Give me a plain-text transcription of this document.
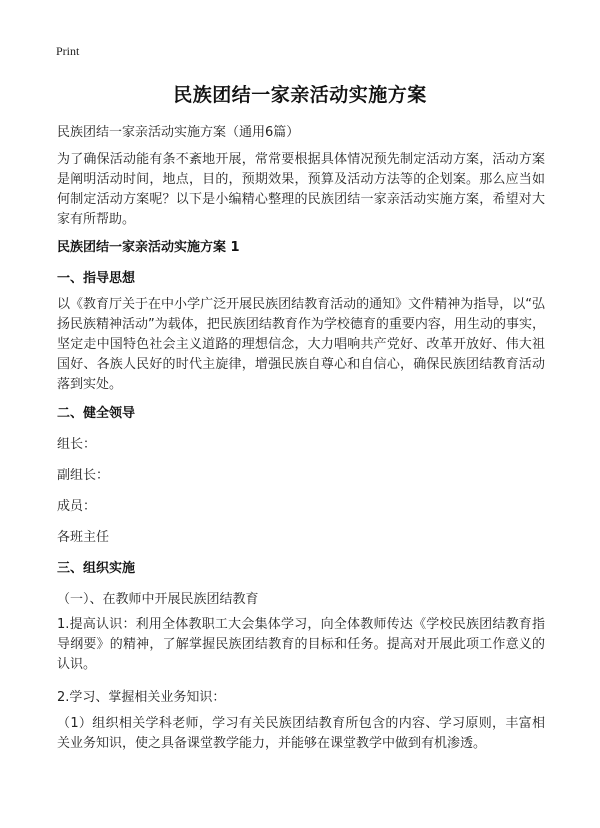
Print
民族团结一家亲活动实施方案
民族团结一家亲活动实施方案（通用6篇）
为了确保活动能有条不紊地开展，常常要根据具体情况预先制定活动方案，活动方案是阐明活动时间，地点，目的，预期效果，预算及活动方法等的企划案。那么应当如何制定活动方案呢？以下是小编精心整理的民族团结一家亲活动实施方案，希望对大家有所帮助。
民族团结一家亲活动实施方案 1
一、指导思想
以《教育厅关于在中小学广泛开展民族团结教育活动的通知》文件精神为指导，以“弘扬民族精神活动”为载体，把民族团结教育作为学校德育的重要内容，用生动的事实，坚定走中国特色社会主义道路的理想信念，大力唱响共产党好、改革开放好、伟大祖国好、各族人民好的时代主旋律，增强民族自尊心和自信心，确保民族团结教育活动落到实处。
二、健全领导
组长：
副组长：
成员：
各班主任
三、组织实施
（一）、在教师中开展民族团结教育
1.提高认识：利用全体教职工大会集体学习，向全体教师传达《学校民族团结教育指导纲要》的精神，了解掌握民族团结教育的目标和任务。提高对开展此项工作意义的认识。
2.学习、掌握相关业务知识：
（1）组织相关学科老师，学习有关民族团结教育所包含的内容、学习原则，丰富相关业务知识，使之具备课堂教学能力，并能够在课堂教学中做到有机渗透。
